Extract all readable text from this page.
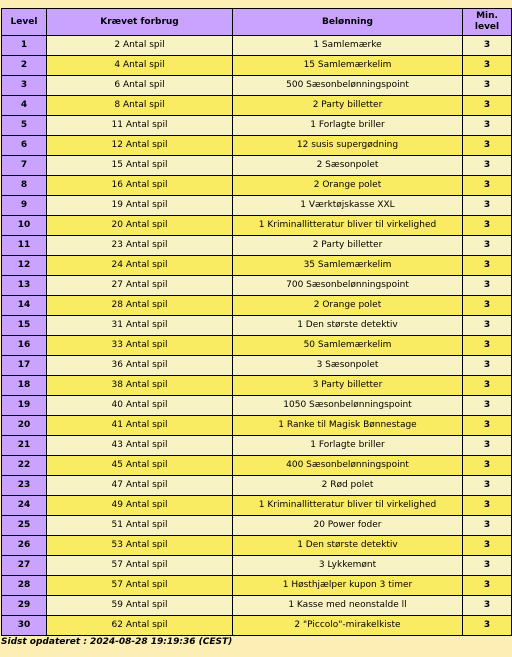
Level	Krævet forbrug	Belønning	Min. level
1	2 Antal spil	1 Samlemærke	3
2	4 Antal spil	15 Samlemærkelim	3
3	6 Antal spil	500 Sæsonbelønningspoint	3
4	8 Antal spil	2 Party billetter	3
5	11 Antal spil	1 Forlagte briller	3
6	12 Antal spil	12 susis supergødning	3
7	15 Antal spil	2 Sæsonpolet	3
8	16 Antal spil	2 Orange polet	3
9	19 Antal spil	1 Værktøjskasse XXL	3
10	20 Antal spil	1 Kriminallitteratur bliver til virkelighed	3
11	23 Antal spil	2 Party billetter	3
12	24 Antal spil	35 Samlemærkelim	3
13	27 Antal spil	700 Sæsonbelønningspoint	3
14	28 Antal spil	2 Orange polet	3
15	31 Antal spil	1 Den største detektiv	3
16	33 Antal spil	50 Samlemærkelim	3
17	36 Antal spil	3 Sæsonpolet	3
18	38 Antal spil	3 Party billetter	3
19	40 Antal spil	1050 Sæsonbelønningspoint	3
20	41 Antal spil	1 Ranke til Magisk Bønnestage	3
21	43 Antal spil	1 Forlagte briller	3
22	45 Antal spil	400 Sæsonbelønningspoint	3
23	47 Antal spil	2 Rød polet	3
24	49 Antal spil	1 Kriminallitteratur bliver til virkelighed	3
25	51 Antal spil	20 Power foder	3
26	53 Antal spil	1 Den største detektiv	3
27	57 Antal spil	3 Lykkemønt	3
28	57 Antal spil	1 Høsthjælper kupon 3 timer	3
29	59 Antal spil	1 Kasse med neonstalde ll	3
30	62 Antal spil	2 "Piccolo"-mirakelkiste	3
Sidst opdateret : 2024-08-28 19:19:36 (CEST)
